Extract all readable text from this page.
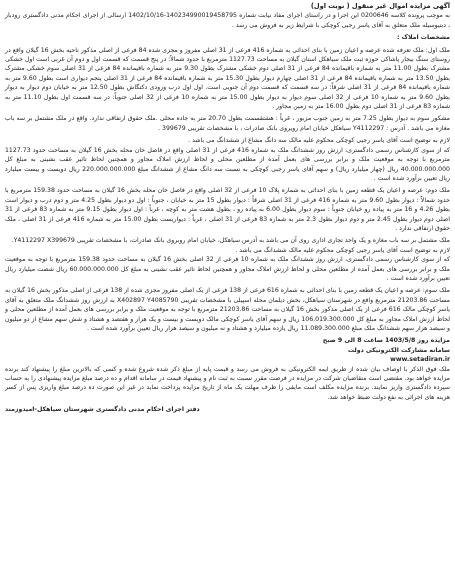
آگهی مزایده اموال غیر منقول ( نوبت اول)

به موجب پرونده کلاسه 0200646 این اجرا و در راستای اجرای مفاد نیابت شماره 140234990019458795-1402/10/16 ارسالی از اجرای احکام مدنی دادگستری رودبار ، دبنیوسیله ملک متعلق به آقای یاسر رجبی کوچکی با شرایط زیر به فروش می رسد .

مشخصات املاک :

ملک اول: ملک تعرفه شده عرصه و اعیان زمین با بنای احداثی به شماره 416 فرعی از 31 اصلی مفروز و مجزی شده 84 فرعی از اصلی مذکور ناحیه بخش 16 گیلان واقع در روستای سنگ بیجار پاشاکی حوزه ثبت ملک سیاهکل استان گیلان به مساحت 1127.73 مترمربع با حدود شمالاً: در پنج قسمت که قسمت اول و دوم آن غربی است اول خشکی مشترک بطول 11.00 متر به شماره باقیمانده 84 فرعی از 31 اصلی دوم خشکی مشترک بطول 9.30 متر به شماره باقیمانده 84 فرعی از 31 اصلی سوم خشکی مشترک بطول 13.50 متر به شماره باقیمانده 84 فرعی از 31 اصلی چهارم دیوار بطول 15.30 متر به شماره باقیمانده 84 فرعی از 31 اصلی پنجم دیواری است بطول 9.60 متر به شماره باقیمانده 84 فرعی از 31 اصلی شرقاً: در سه قسمت که قسمت دوم آن جنوبی است. اول اول درب ورودی دکتگاش بطول 12.50 متر به خیابان دوم دیوار به دیوار بطول 9.60 متر به شماره 10 فرعی از 32 اصلی سوم دیوار به دیوار بطول 15.00 متر به شماره 10 فرعی از 32 اصلی جنوباً: در سه قسمت اول بطول 11.10 متر به شماره 83 فرعی از 31 اصلی دوم بطول 16.00 متر به زمین مجاور .

مشکور سوم به دیوار بطول 7.25 متر به زمین جنوب مزبور ، غرباً : هشتقسمت بطول 20.70 متر به جاده محلی .ملک حقوق ارتفاقی ندارد. واقع در ملک مشتمل بر سه باب مغازه می باشد . آدرس : Y4112297 سیاهکل خیابان امام رویروی بانک صادرات ، با مشخصات تقریبی 399679 .

لازم به توضیح است آقای یاسر رجبی کوچکی محکوم علیه مالک سه دانگ مشاع از ششدانگ می باشد .

که از سوی کارشناس رسمی دادگستری، ارزش روز ششدانگ ملک به شماره 416 فرعی از 31 اصلی واقع در فاصل خان محله بخش 16 گیلان به مساحت حدود 1127.73 مترمربع با توجه به موقعیت ملک و برابر بررسی های بعمل آمده از مطلعین محلی و لحاظ ارزش املاک مجاور و همچنین لحاظ تاثیر عقب نشینی به مبلغ کل 40.000.000.000 ریال (چهار میلیارد ریال) و سهم آقای یاسر رجبی کوچکی به نسبت سه دانگ مشاع از ششدانگ مبلغ 220.000.000.000 ریال دویست و بیست میلیارد ریال تعیین برآورد شده است .

ملک دوم: عرصه و اعیان یک قطعه زمین با بنای احداثی به شماره پلاک 10 فرعی از 32 اصلی واقع در فاصل خان محله بخش 16 گیلان به مساحت حدود 159.38 مترمربع با حدود شمالاً : دیوار بطول 9.60 متر به شماره 416 فرعی از 31 اصلی شرقاً : دیوار بطول 15 متر به خیابان ، جنوباً : اول دو دیوار بطول 4.25 متر و دوم درب و دیوار است بطول 4.26 و 16 متر به پیاده رو خیابان جنوباً : سوم دیوار بطول 6.00 به پیاده رو ، بطول هشت متر به کوچه ، غرباً : اول دیوار بطول 9.15 متر به شماره 83 فرعی از 31 اصلی دوم دیوار بطول 2.45 متر و دوم دیوار بطول 2.3 متر به شماره 83 فرعی از 31 اصلی ، غرباً : دیواریست بطول 15.00 متر به شماره 416 فرعی از 31 اصلی ، ملک حقوق ارتفاقی ندارد .

ملک مشتمل بر سه باب مغازه و یک واحد تجاری اداری روی آن می باشد به آدرس سیاهکل، خیابان امام روبروی بانک صادرات، با مشخصات تقریبی Y4112297 X399679.

لازم به توضیح است آقای یاسر رجبی کوچکی محکوم علیه مالک ششدانگ می باشد .

که از سوی کارشناس رسمی دادگستری، ارزش روز ششدانگ ملک به شماره 10 فرعی از 32 اصلی بخش 16 گیلان به مساحت حدود 159.38 مترمربع با توجه به موقعیت ملک و برابر بررسی های بعمل آمده از مطلعین محلی و لحاظ ارزش املاک مجاور و همچنین لحاظ تاثیر عقب نشینی به مبلغ کل 60.000.000.000 ریال شصت میلیارد ریال تعیین برآورد شده است .

ملک سوم: عرصه و اعیان یک قطعه زمین با بنای احداثی به شماره 616 فرعی از 138 فرعی از یک اصلی مفروز مجزی شده از 138 فرعی از اصلی مذکور بخش 16 گیلان به مساحت 21203.86 مترمربع واقع در شهرستان سیاهکل، بخش دیلمان محله اسپیلی با مشخصات تقریبی X402897 Y4085790 به ارزش روز ششدانگ ملک متعلق به آقای یاسر کوچکی مالک 616 فرعی از یک اصلی مذکور بخش 16 گیلان به مساحت 21203.86 مترمربع با توجه به موقعیت ملک و برابر بررسی های بعمل آمده از مطلعین محلی و لحاظ ارزش املاک مجاور به مبلغ کل 106.019.300.000 ریال و سهم آقای یاسر کوچکی مالک دویست و بیست و یک هزار و هفتصد و هشتاد و شش سهم مشاع از دو میلیون و سیصد هزار سهم ششدانگ ملک مبلغ 11.089.300.000 ریال یازده میلیارد و هشتاد و نه میلیون و سیصد هزار ریال تعیین برآورد شده است .

مزایده روز 1403/5/8 ساعت 8 الی 9 صبح

سامانه مشارکت الکترونیکی دولت

www.setadiran.ir

ملک فوق الذکر با اوصاف بیان شده از طریق ایمه الکترونیکی به فروش می رسد و قیمت پایه از مبلغ ذکر شده شروع شده و کسی که بالاترین مبلغ را پیشنهاد کند برنده مزایده خواهد بود. مقتضی است متقاضیان شرکت در مزایده در فرصت مقرر نسبت به ثبت نام و پیشنهاد قیمت در سامانه اقدام و ده درصد مبلغ مزایده پیشنهادی را به حساب سپرده دادگستری واریز نمایند. برنده مزایده مکلف است مابقی را ظرف مهلت یک ماه از تاریخ مزایده پرداخت نماید در غیر این صورت ده درصد مبلغ واریزی پس از کسر هزینه های اجرائی به نفع دولت ضبط خواهد شد.

دفتر اجرای احکام مدنی دادگستری شهرستان سیاهکل-امیدوزمند
